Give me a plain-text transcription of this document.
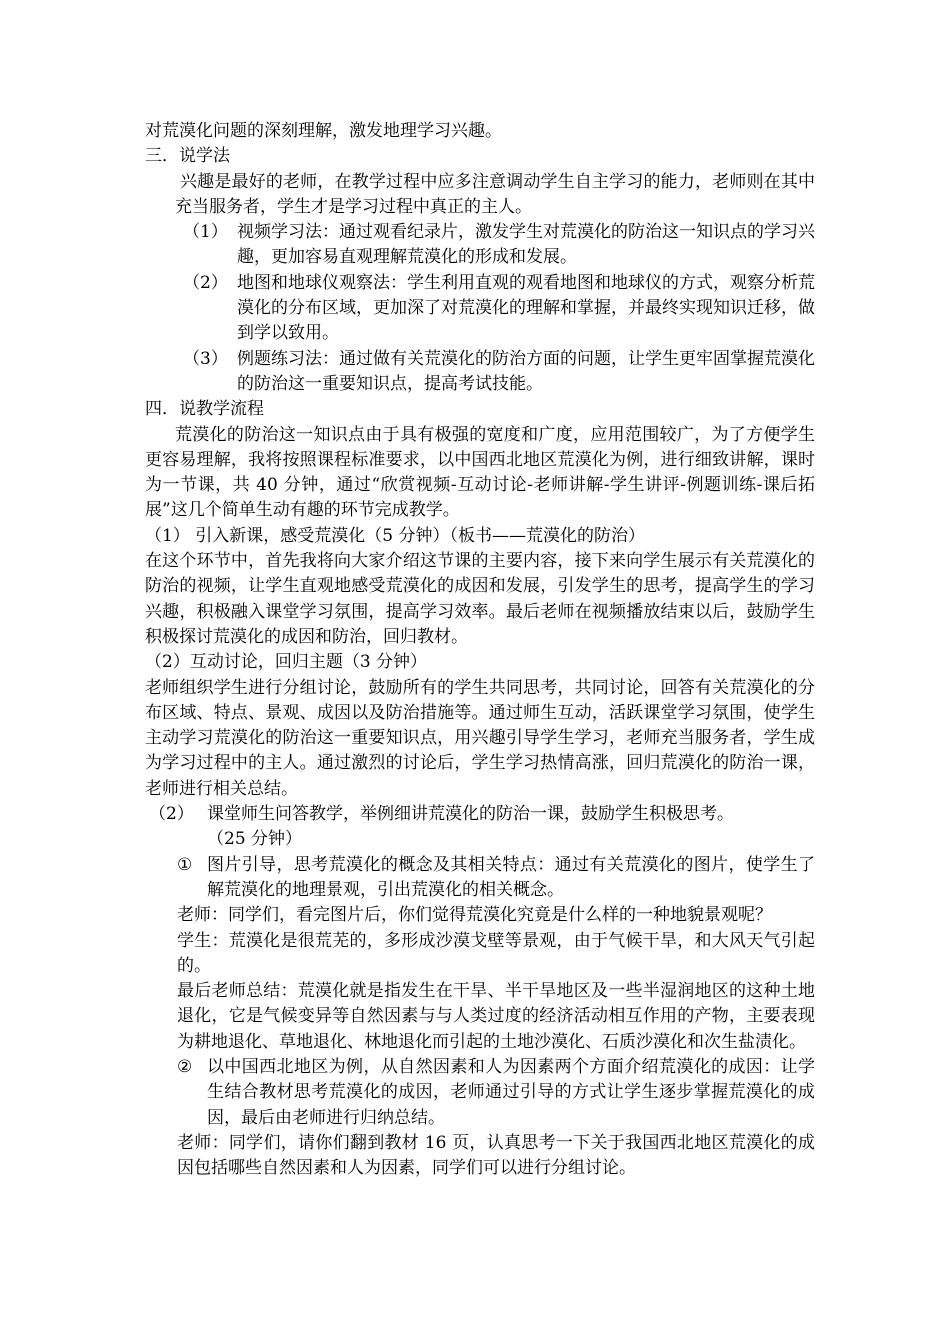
对荒漠化问题的深刻理解，激发地理学习兴趣。

三．说学法

兴趣是最好的老师，在教学过程中应多注意调动学生自主学习的能力，老师则在其中充当服务者，学生才是学习过程中真正的主人。

（1） 视频学习法：通过观看纪录片，激发学生对荒漠化的防治这一知识点的学习兴趣，更加容易直观理解荒漠化的形成和发展。
（2） 地图和地球仪观察法：学生利用直观的观看地图和地球仪的方式，观察分析荒漠化的分布区域，更加深了对荒漠化的理解和掌握，并最终实现知识迁移，做到学以致用。
（3） 例题练习法：通过做有关荒漠化的防治方面的问题，让学生更牢固掌握荒漠化的防治这一重要知识点，提高考试技能。

四．说教学流程

荒漠化的防治这一知识点由于具有极强的宽度和广度，应用范围较广，为了方便学生更容易理解，我将按照课程标准要求，以中国西北地区荒漠化为例，进行细致讲解，课时为一节课，共 40 分钟，通过“欣赏视频-互动讨论-老师讲解-学生讲评-例题训练-课后拓展”这几个简单生动有趣的环节完成教学。

（1） 引入新课，感受荒漠化（5 分钟）（板书——荒漠化的防治）

在这个环节中，首先我将向大家介绍这节课的主要内容，接下来向学生展示有关荒漠化的防治的视频，让学生直观地感受荒漠化的成因和发展，引发学生的思考，提高学生的学习兴趣，积极融入课堂学习氛围，提高学习效率。最后老师在视频播放结束以后，鼓励学生积极探讨荒漠化的成因和防治，回归教材。

（2）互动讨论，回归主题（3 分钟）

老师组织学生进行分组讨论，鼓励所有的学生共同思考，共同讨论，回答有关荒漠化的分布区域、特点、景观、成因以及防治措施等。通过师生互动，活跃课堂学习氛围，使学生主动学习荒漠化的防治这一重要知识点，用兴趣引导学生学习，老师充当服务者，学生成为学习过程中的主人。通过激烈的讨论后，学生学习热情高涨，回归荒漠化的防治一课，老师进行相关总结。

（2） 课堂师生问答教学，举例细讲荒漠化的防治一课，鼓励学生积极思考。

（25 分钟）

① 图片引导，思考荒漠化的概念及其相关特点：通过有关荒漠化的图片，使学生了解荒漠化的地理景观，引出荒漠化的相关概念。

老师：同学们，看完图片后，你们觉得荒漠化究竟是什么样的一种地貌景观呢？

学生：荒漠化是很荒芜的，多形成沙漠戈壁等景观，由于气候干旱，和大风天气引起的。

最后老师总结：荒漠化就是指发生在干旱、半干旱地区及一些半湿润地区的这种土地退化，它是气候变异等自然因素与与人类过度的经济活动相互作用的产物，主要表现为耕地退化、草地退化、林地退化而引起的土地沙漠化、石质沙漠化和次生盐渍化。

② 以中国西北地区为例，从自然因素和人为因素两个方面介绍荒漠化的成因：让学生结合教材思考荒漠化的成因，老师通过引导的方式让学生逐步掌握荒漠化的成因，最后由老师进行归纳总结。

老师：同学们，请你们翻到教材 16 页，认真思考一下关于我国西北地区荒漠化的成因包括哪些自然因素和人为因素，同学们可以进行分组讨论。
